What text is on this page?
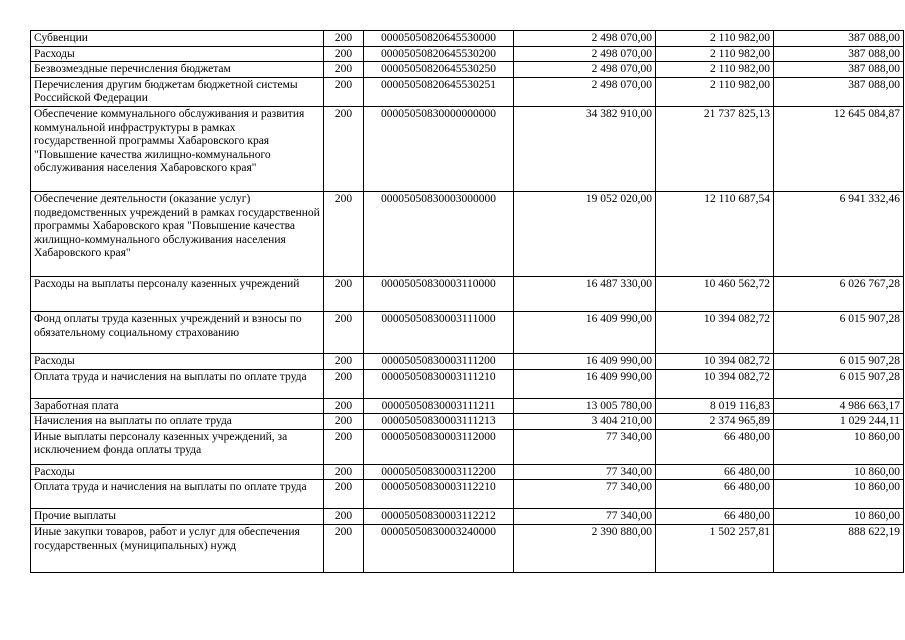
Субвенции	200	00005050820645530000	2 498 070,00	2 110 982,00	387 088,00
Расходы	200	00005050820645530200	2 498 070,00	2 110 982,00	387 088,00
Безвозмездные перечисления бюджетам	200	00005050820645530250	2 498 070,00	2 110 982,00	387 088,00
Перечисления другим бюджетам бюджетной системы Российской Федерации	200	00005050820645530251	2 498 070,00	2 110 982,00	387 088,00
Обеспечение коммунального обслуживания и развития коммунальной инфраструктуры в рамках государственной программы Хабаровского края "Повышение качества жилищно-коммунального обслуживания населения Хабаровского края"	200	00005050830000000000	34 382 910,00	21 737 825,13	12 645 084,87
Обеспечение деятельности (оказание услуг) подведомственных учреждений в рамках государственной программы Хабаровского края "Повышение качества жилищно-коммунального обслуживания населения Хабаровского края"	200	00005050830003000000	19 052 020,00	12 110 687,54	6 941 332,46
Расходы на выплаты персоналу казенных учреждений	200	00005050830003110000	16 487 330,00	10 460 562,72	6 026 767,28
Фонд оплаты труда казенных учреждений и взносы по обязательному социальному страхованию	200	00005050830003111000	16 409 990,00	10 394 082,72	6 015 907,28
Расходы	200	00005050830003111200	16 409 990,00	10 394 082,72	6 015 907,28
Оплата труда и начисления на выплаты по оплате труда	200	00005050830003111210	16 409 990,00	10 394 082,72	6 015 907,28
Заработная плата	200	00005050830003111211	13 005 780,00	8 019 116,83	4 986 663,17
Начисления на выплаты по оплате труда	200	00005050830003111213	3 404 210,00	2 374 965,89	1 029 244,11
Иные выплаты персоналу казенных учреждений, за исключением фонда оплаты труда	200	00005050830003112000	77 340,00	66 480,00	10 860,00
Расходы	200	00005050830003112200	77 340,00	66 480,00	10 860,00
Оплата труда и начисления на выплаты по оплате труда	200	00005050830003112210	77 340,00	66 480,00	10 860,00
Прочие выплаты	200	00005050830003112212	77 340,00	66 480,00	10 860,00
Иные закупки товаров, работ и услуг для обеспечения государственных (муниципальных) нужд	200	00005050830003240000	2 390 880,00	1 502 257,81	888 622,19
